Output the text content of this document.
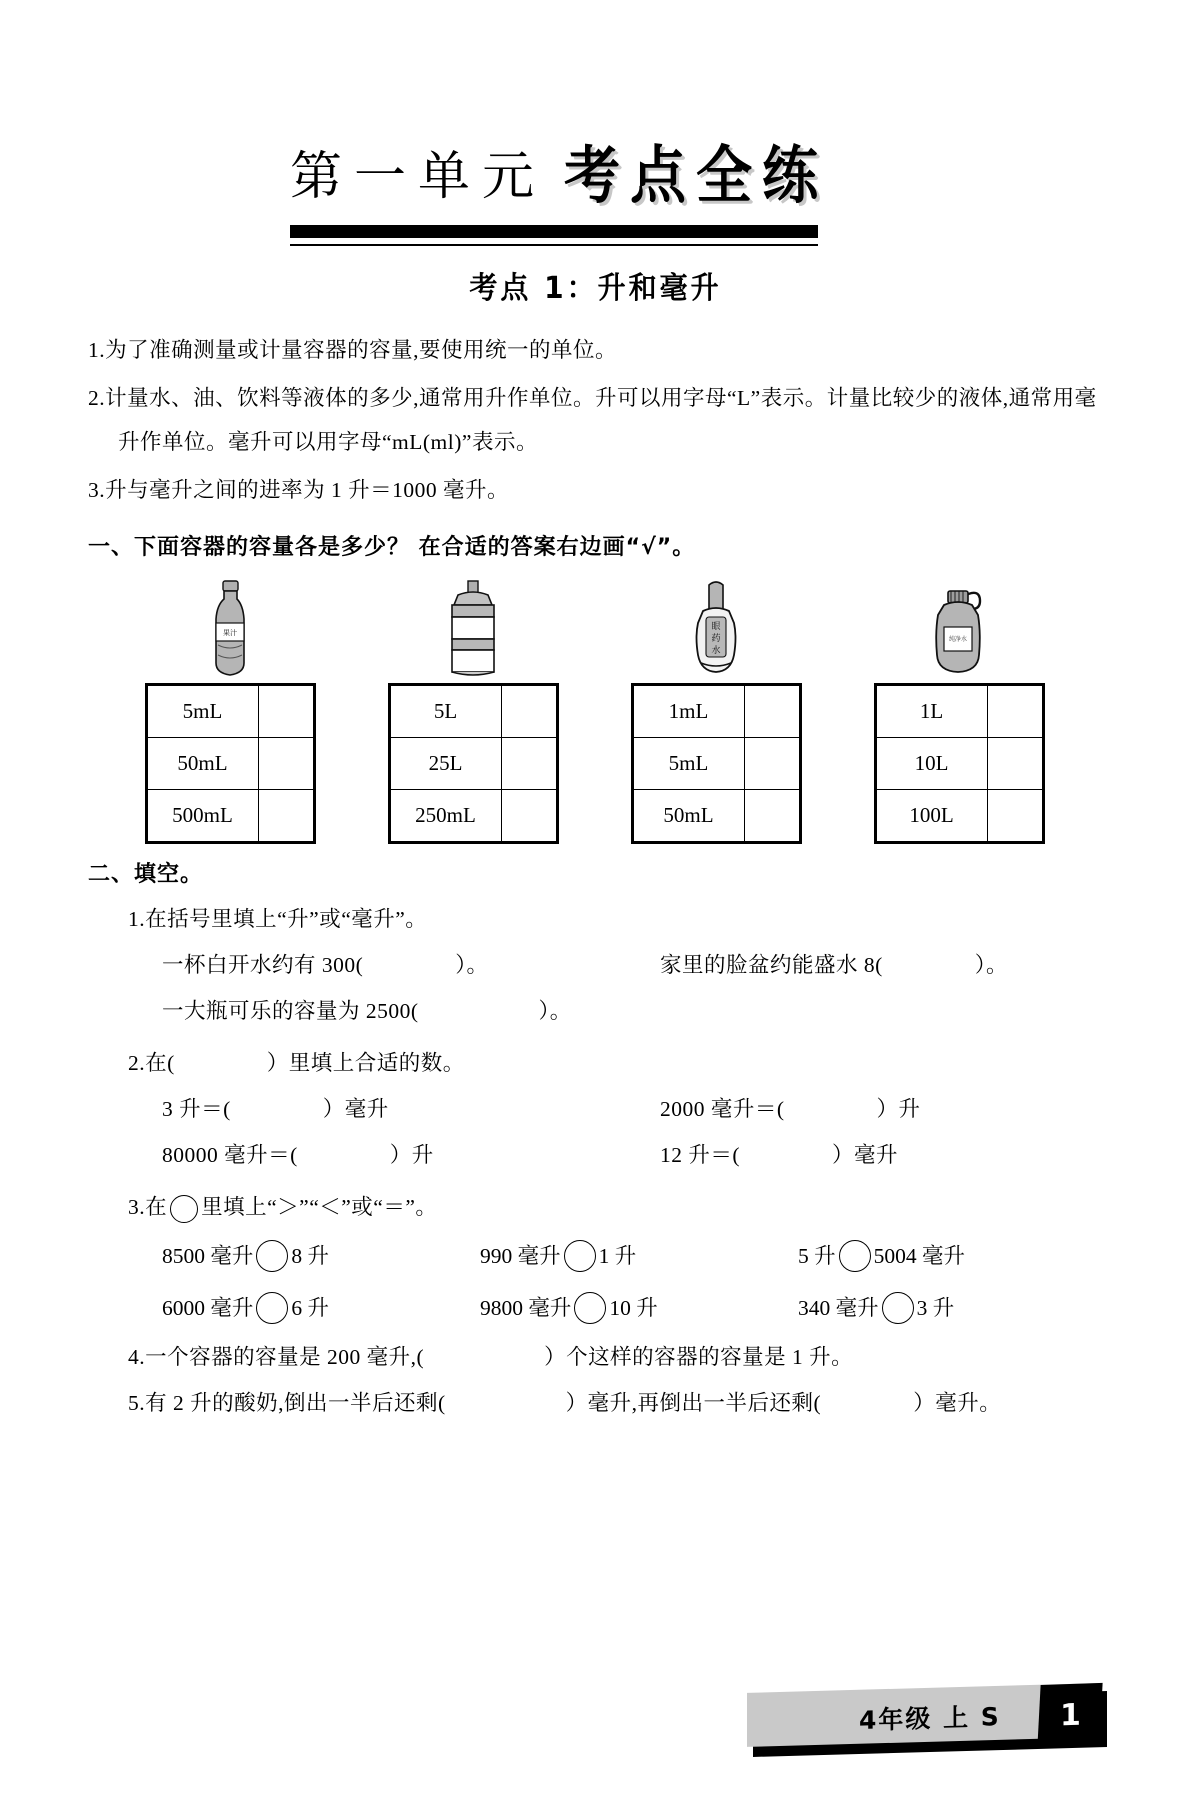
第一单元 考点全练
考点 1：升和毫升
1.为了准确测量或计量容器的容量,要使用统一的单位。
2.计量水、油、饮料等液体的多少,通常用升作单位。升可以用字母“L”表示。计量比较少的液体,通常用毫升作单位。毫升可以用字母“mL(ml)”表示。
3.升与毫升之间的进率为 1 升＝1000 毫升。
一、下面容器的容量各是多少？ 在合适的答案右边画“√”。
果汁
5mL	
50mL	
500mL	
5L	
25L	
250mL	
眼
药
水
1mL	
5mL	
50mL	
纯净水
1L	
10L	
100L	
二、填空。
1.在括号里填上“升”或“毫升”。
一杯白开水约有 300(	）。	家里的脸盆约能盛水 8(	）。
一大瓶可乐的容量为 2500(	）。
2.在(	）里填上合适的数。
3 升＝(	）毫升	2000 毫升＝(	）升
80000 毫升＝(	）升	12 升＝(	）毫升
3.在 里填上“＞”“＜”或“＝”。
8500 毫升 8 升	990 毫升 1 升	5 升 5004 毫升
6000 毫升 6 升	9800 毫升 10 升	340 毫升 3 升
4.一个容器的容量是 200 毫升,(	）个这样的容器的容量是 1 升。
5.有 2 升的酸奶,倒出一半后还剩(	）毫升,再倒出一半后还剩(	）毫升。
4年级 上 S 1
